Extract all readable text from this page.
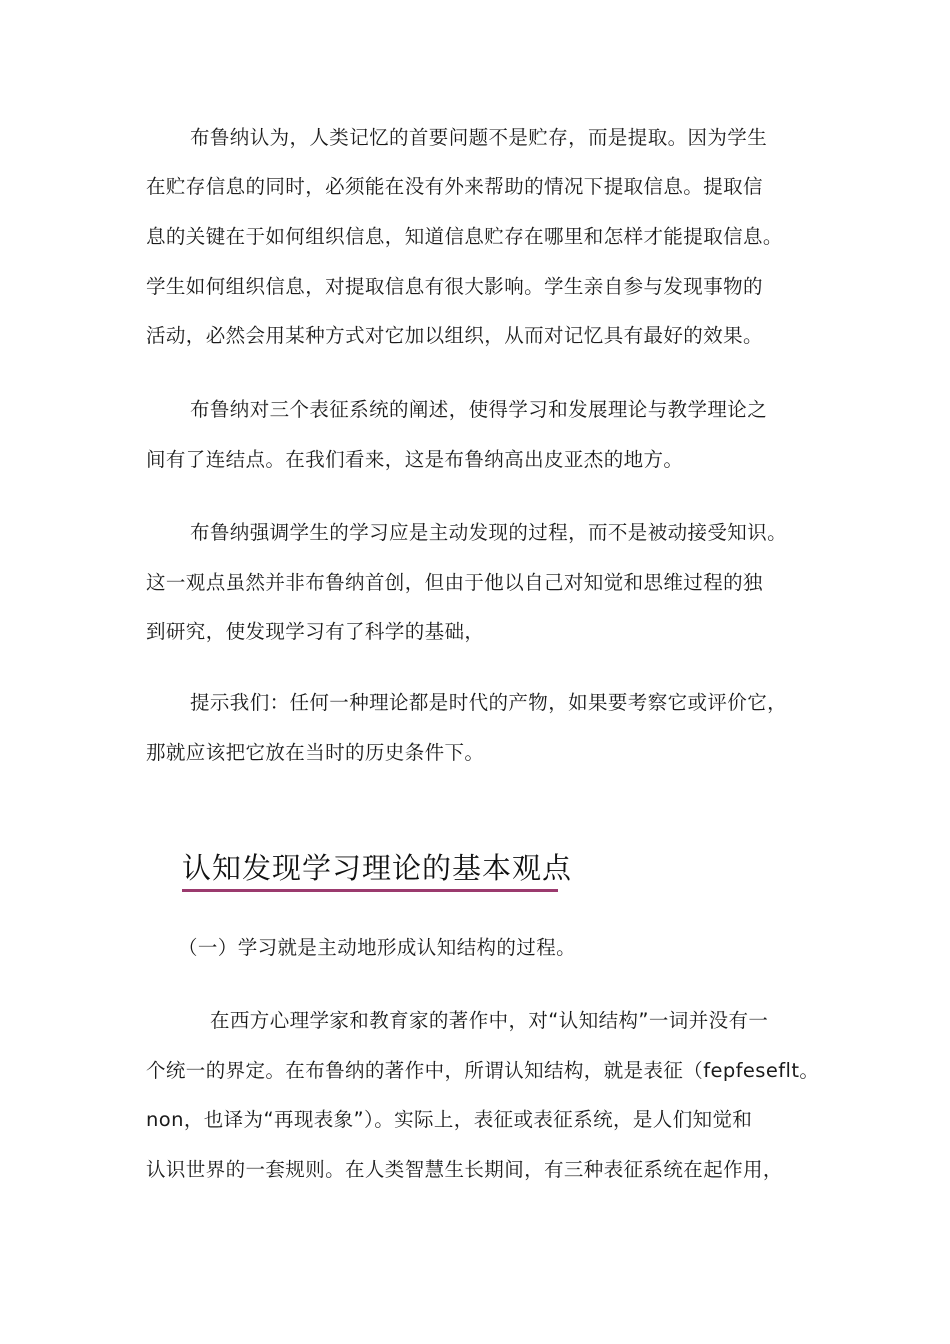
布鲁纳认为，人类记忆的首要问题不是贮存，而是提取。因为学生
在贮存信息的同时，必须能在没有外来帮助的情况下提取信息。提取信
息的关键在于如何组织信息，知道信息贮存在哪里和怎样才能提取信息。
学生如何组织信息，对提取信息有很大影响。学生亲自参与发现事物的
活动，必然会用某种方式对它加以组织，从而对记忆具有最好的效果。
布鲁纳对三个表征系统的阐述，使得学习和发展理论与教学理论之
间有了连结点。在我们看来，这是布鲁纳高出皮亚杰的地方。
布鲁纳强调学生的学习应是主动发现的过程，而不是被动接受知识。
这一观点虽然并非布鲁纳首创，但由于他以自己对知觉和思维过程的独
到研究，使发现学习有了科学的基础，
提示我们：任何一种理论都是时代的产物，如果要考察它或评价它，
那就应该把它放在当时的历史条件下。
认知发现学习理论的基本观点
（一）学习就是主动地形成认知结构的过程。
在西方心理学家和教育家的著作中，对“认知结构”一词并没有一
个统一的界定。在布鲁纳的著作中，所谓认知结构，就是表征（fepfeseflt。
non，也译为“再现表象”）。实际上，表征或表征系统，是人们知觉和
认识世界的一套规则。在人类智慧生长期间，有三种表征系统在起作用，
